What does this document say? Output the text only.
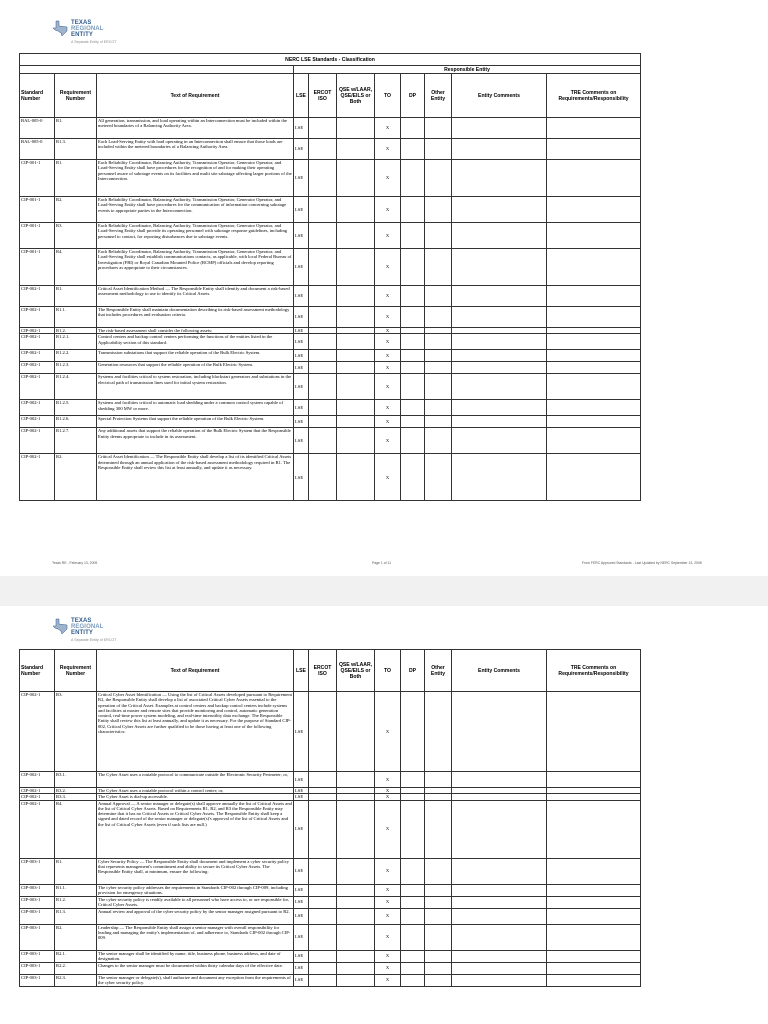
TEXAS
REGIONAL
ENTITY
A Separate Entity of ERCOT
NERC LSE Standards - Classification										
			Responsible Entity							
Standard Number	Requirement Number	Text of Requirement	LSE	ERCOT ISO	QSE w/LAAR, QSE/EILS or Both	TO	DP	Other Entity	Entity Comments	TRE Comments on Requirements/Responsibility
BAL-005-0	R1.	All generation, transmission, and load operating within an Interconnection must be included within the metered boundaries of a Balancing Authority Area.	LSE			X				
BAL-005-0	R1.3.	Each Load-Serving Entity with load operating in an Interconnection shall ensure that those loads are included within the metered boundaries of a Balancing Authority Area.	LSE			X				
CIP-001-1	R1.	Each Reliability Coordinator, Balancing Authority, Transmission Operator, Generator Operator, and Load-Serving Entity shall have procedures for the recognition of and for making their operating personnel aware of sabotage events on its facilities and multi site sabotage affecting larger portions of the Interconnection.	LSE			X				
CIP-001-1	R2.	Each Reliability Coordinator, Balancing Authority, Transmission Operator, Generator Operator, and Load-Serving Entity shall have procedures for the communication of information concerning sabotage events to appropriate parties in the Interconnection.	LSE			X				
CIP-001-1	R3.	Each Reliability Coordinator, Balancing Authority, Transmission Operator, Generator Operator, and Load-Serving Entity shall provide its operating personnel with sabotage response guidelines, including personnel to contact, for reporting disturbances due to sabotage events.	LSE			X				
CIP-001-1	R4.	Each Reliability Coordinator, Balancing Authority, Transmission Operator, Generator Operator, and Load-Serving Entity shall establish communications contacts, as applicable, with local Federal Bureau of Investigation (FBI) or Royal Canadian Mounted Police (RCMP) officials and develop reporting procedures as appropriate to their circumstances.	LSE			X				
CIP-002-1	R1.	Critical Asset Identification Method — The Responsible Entity shall identify and document a risk-based assessment methodology to use to identify its Critical Assets.	LSE			X				
CIP-002-1	R1.1.	The Responsible Entity shall maintain documentation describing its risk-based assessment methodology that includes procedures and evaluation criteria.	LSE			X				
CIP-002-1	R1.2.	The risk-based assessment shall consider the following assets:	LSE			X				
CIP-002-1	R1.2.1.	Control centers and backup control centers performing the functions of the entities listed in the Applicability section of this standard.	LSE			X				
CIP-002-1	R1.2.2.	Transmission substations that support the reliable operation of the Bulk Electric System.	LSE			X				
CIP-002-1	R1.2.3.	Generation resources that support the reliable operation of the Bulk Electric System.	LSE			X				
CIP-002-1	R1.2.4.	Systems and facilities critical to system restoration, including blackstart generators and substations in the electrical path of transmission lines used for initial system restoration.	LSE			X				
CIP-002-1	R1.2.5.	Systems and facilities critical to automatic load shedding under a common control system capable of shedding 300 MW or more.	LSE			X				
CIP-002-1	R1.2.6.	Special Protection Systems that support the reliable operation of the Bulk Electric System.	LSE			X				
CIP-002-1	R1.2.7.	Any additional assets that support the reliable operation of the Bulk Electric System that the Responsible Entity deems appropriate to include in its assessment.	LSE			X				
CIP-002-1	R2.	Critical Asset Identification — The Responsible Entity shall develop a list of its identified Critical Assets determined through an annual application of the risk-based assessment methodology required in R1. The Responsible Entity shall review this list at least annually, and update it as necessary.	LSE			X				
Texas RE - February 13, 2009	Page 1 of 11	From FERC Approved Standards - Last Updated by NERC September 13, 2008
TEXAS
REGIONAL
ENTITY
A Separate Entity of ERCOT
Standard Number	Requirement Number	Text of Requirement	LSE	ERCOT ISO	QSE w/LAAR, QSE/EILS or Both	TO	DP	Other Entity	Entity Comments	TRE Comments on Requirements/Responsibility
CIP-002-1	R3.	Critical Cyber Asset Identification — Using the list of Critical Assets developed pursuant to Requirement R2, the Responsible Entity shall develop a list of associated Critical Cyber Assets essential to the operation of the Critical Asset. Examples at control centers and backup control centers include systems and facilities at master and remote sites that provide monitoring and control, automatic generation control, real-time power system modeling, and real-time interutility data exchange. The Responsible Entity shall review this list at least annually, and update it as necessary. For the purpose of Standard CIP-002, Critical Cyber Assets are further qualified to be those having at least one of the following characteristics:	LSE			X				
CIP-002-1	R3.1.	The Cyber Asset uses a routable protocol to communicate outside the Electronic Security Perimeter; or,	LSE			X				
CIP-002-1	R3.2.	The Cyber Asset uses a routable protocol within a control center; or,	LSE			X				
CIP-002-1	R3.3.	The Cyber Asset is dial-up accessible.	LSE			X				
CIP-002-1	R4.	Annual Approval — A senior manager or delegate(s) shall approve annually the list of Critical Assets and the list of Critical Cyber Assets. Based on Requirements R1, R2, and R3 the Responsible Entity may determine that it has no Critical Assets or Critical Cyber Assets. The Responsible Entity shall keep a signed and dated record of the senior manager or delegate(s)'s approval of the list of Critical Assets and the list of Critical Cyber Assets (even if such lists are null.)	LSE			X				
CIP-003-1	R1.	Cyber Security Policy — The Responsible Entity shall document and implement a cyber security policy that represents management's commitment and ability to secure its Critical Cyber Assets. The Responsible Entity shall, at minimum, ensure the following:	LSE			X				
CIP-003-1	R1.1.	The cyber security policy addresses the requirements in Standards CIP-002 through CIP-009, including provision for emergency situations.	LSE			X				
CIP-003-1	R1.2.	The cyber security policy is readily available to all personnel who have access to, or are responsible for, Critical Cyber Assets.	LSE			X				
CIP-003-1	R1.3.	Annual review and approval of the cyber security policy by the senior manager assigned pursuant to R2.	LSE			X				
CIP-003-1	R2.	Leadership — The Responsible Entity shall assign a senior manager with overall responsibility for leading and managing the entity's implementation of, and adherence to, Standards CIP-002 through CIP-009.	LSE			X				
CIP-003-1	R2.1.	The senior manager shall be identified by name, title, business phone, business address, and date of designation.	LSE			X				
CIP-003-1	R2.2.	Changes to the senior manager must be documented within thirty calendar days of the effective date.	LSE			X				
CIP-003-1	R2.3.	The senior manager or delegate(s), shall authorize and document any exception from the requirements of the cyber security policy.	LSE			X				
